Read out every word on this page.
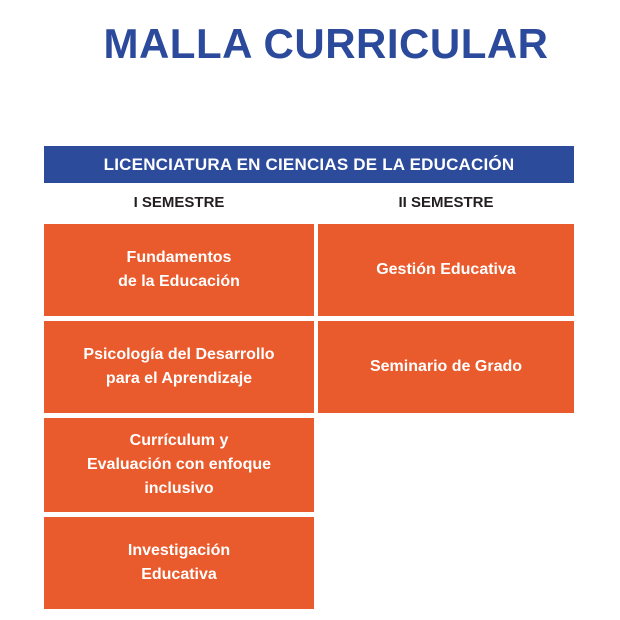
MALLA CURRICULAR
LICENCIATURA EN CIENCIAS DE LA EDUCACIÓN
I SEMESTRE	II SEMESTRE
Fundamentos
de la Educación
Psicología del Desarrollo
para el Aprendizaje
Currículum y
Evaluación con enfoque
inclusivo
Investigación
Educativa
Gestión Educativa
Seminario de Grado
